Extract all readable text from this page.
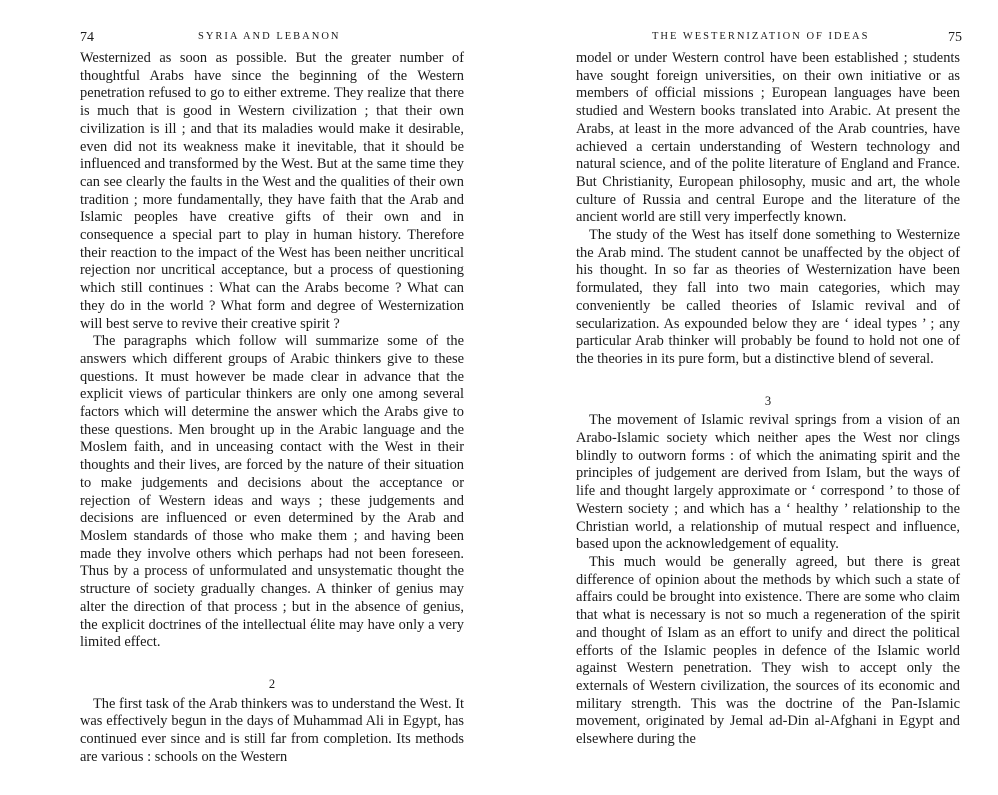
74	SYRIA AND LEBANON

Westernized as soon as possible. But the greater number of thoughtful Arabs have since the beginning of the Western penetration refused to go to either extreme. They realize that there is much that is good in Western civilization ; that their own civilization is ill ; and that its maladies would make it desirable, even did not its weakness make it inevitable, that it should be influenced and transformed by the West. But at the same time they can see clearly the faults in the West and the qualities of their own tradition ; more fundamentally, they have faith that the Arab and Islamic peoples have creative gifts of their own and in consequence a special part to play in human history. Therefore their reaction to the impact of the West has been neither uncritical rejection nor uncritical acceptance, but a process of questioning which still continues : What can the Arabs become ? What can they do in the world ? What form and degree of Westernization will best serve to revive their creative spirit ?

The paragraphs which follow will summarize some of the answers which different groups of Arabic thinkers give to these questions. It must however be made clear in advance that the explicit views of particular thinkers are only one among several factors which will determine the answer which the Arabs give to these questions. Men brought up in the Arabic language and the Moslem faith, and in unceasing contact with the West in their thoughts and their lives, are forced by the nature of their situation to make judgements and decisions about the acceptance or rejection of Western ideas and ways ; these judgements and decisions are influenced or even determined by the Arab and Moslem standards of those who make them ; and having been made they involve others which perhaps had not been foreseen. Thus by a process of unformulated and unsystematic thought the structure of society gradually changes. A thinker of genius may alter the direction of that process ; but in the absence of genius, the explicit doctrines of the intellectual élite may have only a very limited effect.

2

The first task of the Arab thinkers was to understand the West. It was effectively begun in the days of Muhammad Ali in Egypt, has continued ever since and is still far from completion. Its methods are various : schools on the Western

THE WESTERNIZATION OF IDEAS	75

model or under Western control have been established ; students have sought foreign universities, on their own initiative or as members of official missions ; European languages have been studied and Western books translated into Arabic. At present the Arabs, at least in the more advanced of the Arab countries, have achieved a certain understanding of Western technology and natural science, and of the polite literature of England and France. But Christianity, European philosophy, music and art, the whole culture of Russia and central Europe and the literature of the ancient world are still very imperfectly known.

The study of the West has itself done something to Westernize the Arab mind. The student cannot be unaffected by the object of his thought. In so far as theories of Westernization have been formulated, they fall into two main categories, which may conveniently be called theories of Islamic revival and of secularization. As expounded below they are ‘ ideal types ’ ; any particular Arab thinker will probably be found to hold not one of the theories in its pure form, but a distinctive blend of several.

3

The movement of Islamic revival springs from a vision of an Arabo-Islamic society which neither apes the West nor clings blindly to outworn forms : of which the animating spirit and the principles of judgement are derived from Islam, but the ways of life and thought largely approximate or ‘ correspond ’ to those of Western society ; and which has a ‘ healthy ’ relationship to the Christian world, a relationship of mutual respect and influence, based upon the acknowledgement of equality.

This much would be generally agreed, but there is great difference of opinion about the methods by which such a state of affairs could be brought into existence. There are some who claim that what is necessary is not so much a regeneration of the spirit and thought of Islam as an effort to unify and direct the political efforts of the Islamic peoples in defence of the Islamic world against Western penetration. They wish to accept only the externals of Western civilization, the sources of its economic and military strength. This was the doctrine of the Pan-Islamic movement, originated by Jemal ad-Din al-Afghani in Egypt and elsewhere during the
